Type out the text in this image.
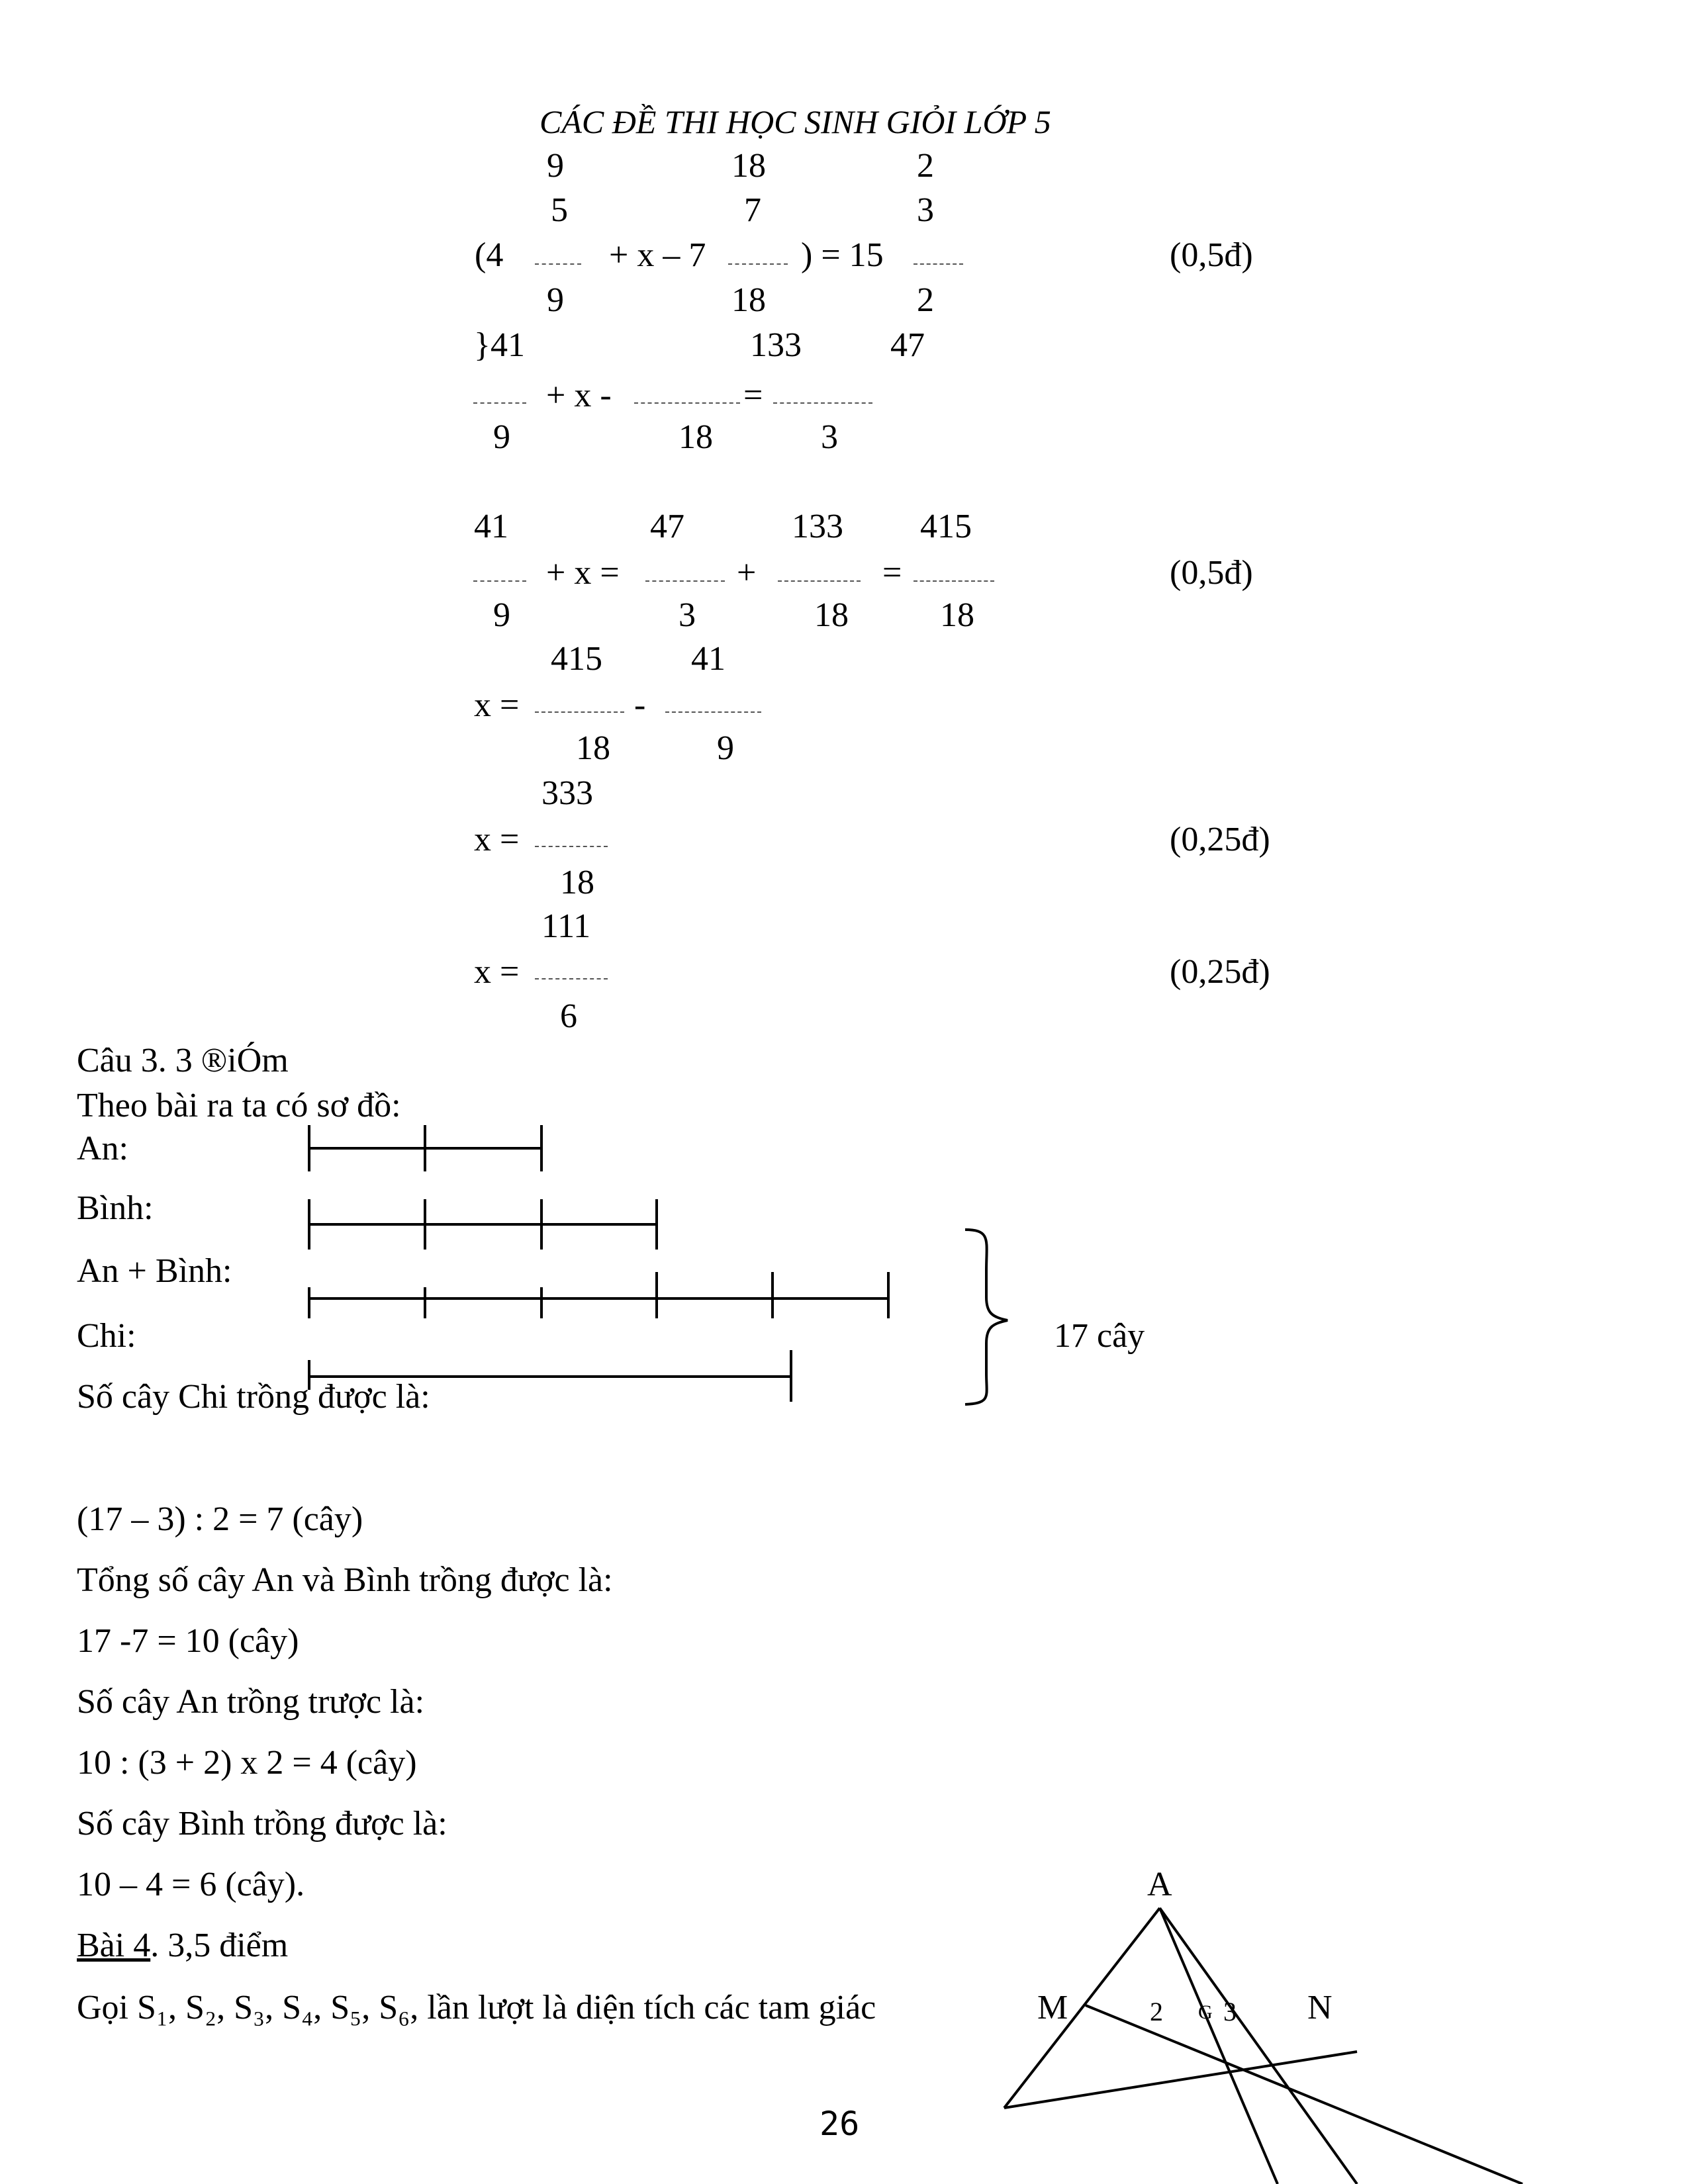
CÁC ĐỀ THI HỌC SINH GIỎI LỚP 5
9	18	2
5	7	3
(4	+ x – 7	) = 15	(0,5đ)
9	18	2
}41	133	47
+ x -	=
9	18	3
41	47	133 415
+ x =	+	=	(0,5đ)
9	3	18	18
415	41
x =	-
18	9
333
x =	(0,25đ)
18
111
x =	(0,25đ)
6
Câu 3. 3 ®iÓm
Theo bài ra ta có sơ đồ:
An:
Bình:
An + Bình:
Chi:
Số cây Chi trồng được là:
17 cây
(17 – 3) : 2 = 7 (cây)
Tổng số cây An và Bình trồng được là:
17 -7 = 10 (cây)
Số cây An trồng trược là:
10 : (3 + 2) x 2 = 4 (cây)
Số cây Bình trồng được là:
10 – 4 = 6 (cây).
Bài 4. 3,5 điểm
Gọi S₁, S₂, S₃, S₄, S₅, S₆, lần lượt là diện tích các tam giác
A
M	N
2 G 3
26
